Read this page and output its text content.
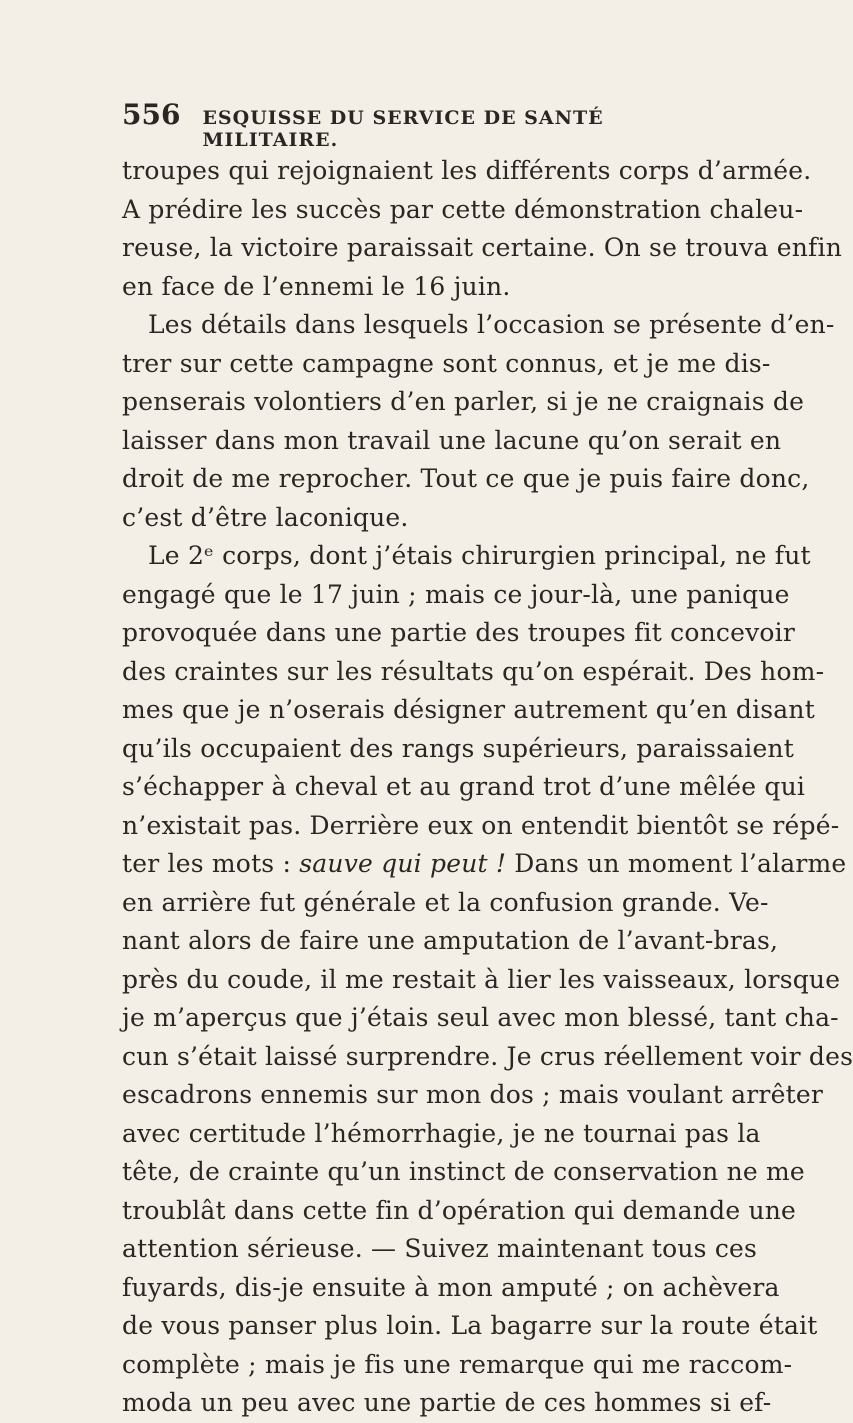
556 ESQUISSE DU SERVICE DE SANTÉ MILITAIRE.
troupes qui rejoignaient les différents corps d’armée.
A prédire les succès par cette démonstration chaleu-
reuse, la victoire paraissait certaine. On se trouva enfin
en face de l’ennemi le 16 juin.
Les détails dans lesquels l’occasion se présente d’en-
trer sur cette campagne sont connus, et je me dis-
penserais volontiers d’en parler, si je ne craignais de
laisser dans mon travail une lacune qu’on serait en
droit de me reprocher. Tout ce que je puis faire donc,
c’est d’être laconique.
Le 2ᵉ corps, dont j’étais chirurgien principal, ne fut
engagé que le 17 juin ; mais ce jour-là, une panique
provoquée dans une partie des troupes fit concevoir
des craintes sur les résultats qu’on espérait. Des hom-
mes que je n’oserais désigner autrement qu’en disant
qu’ils occupaient des rangs supérieurs, paraissaient
s’échapper à cheval et au grand trot d’une mêlée qui
n’existait pas. Derrière eux on entendit bientôt se répé-
ter les mots : sauve qui peut ! Dans un moment l’alarme
en arrière fut générale et la confusion grande. Ve-
nant alors de faire une amputation de l’avant-bras,
près du coude, il me restait à lier les vaisseaux, lorsque
je m’aperçus que j’étais seul avec mon blessé, tant cha-
cun s’était laissé surprendre. Je crus réellement voir des
escadrons ennemis sur mon dos ; mais voulant arrêter
avec certitude l’hémorrhagie, je ne tournai pas la
tête, de crainte qu’un instinct de conservation ne me
troublât dans cette fin d’opération qui demande une
attention sérieuse. — Suivez maintenant tous ces
fuyards, dis-je ensuite à mon amputé ; on achèvera
de vous panser plus loin. La bagarre sur la route était
complète ; mais je fis une remarque qui me raccom-
moda un peu avec une partie de ces hommes si ef-
